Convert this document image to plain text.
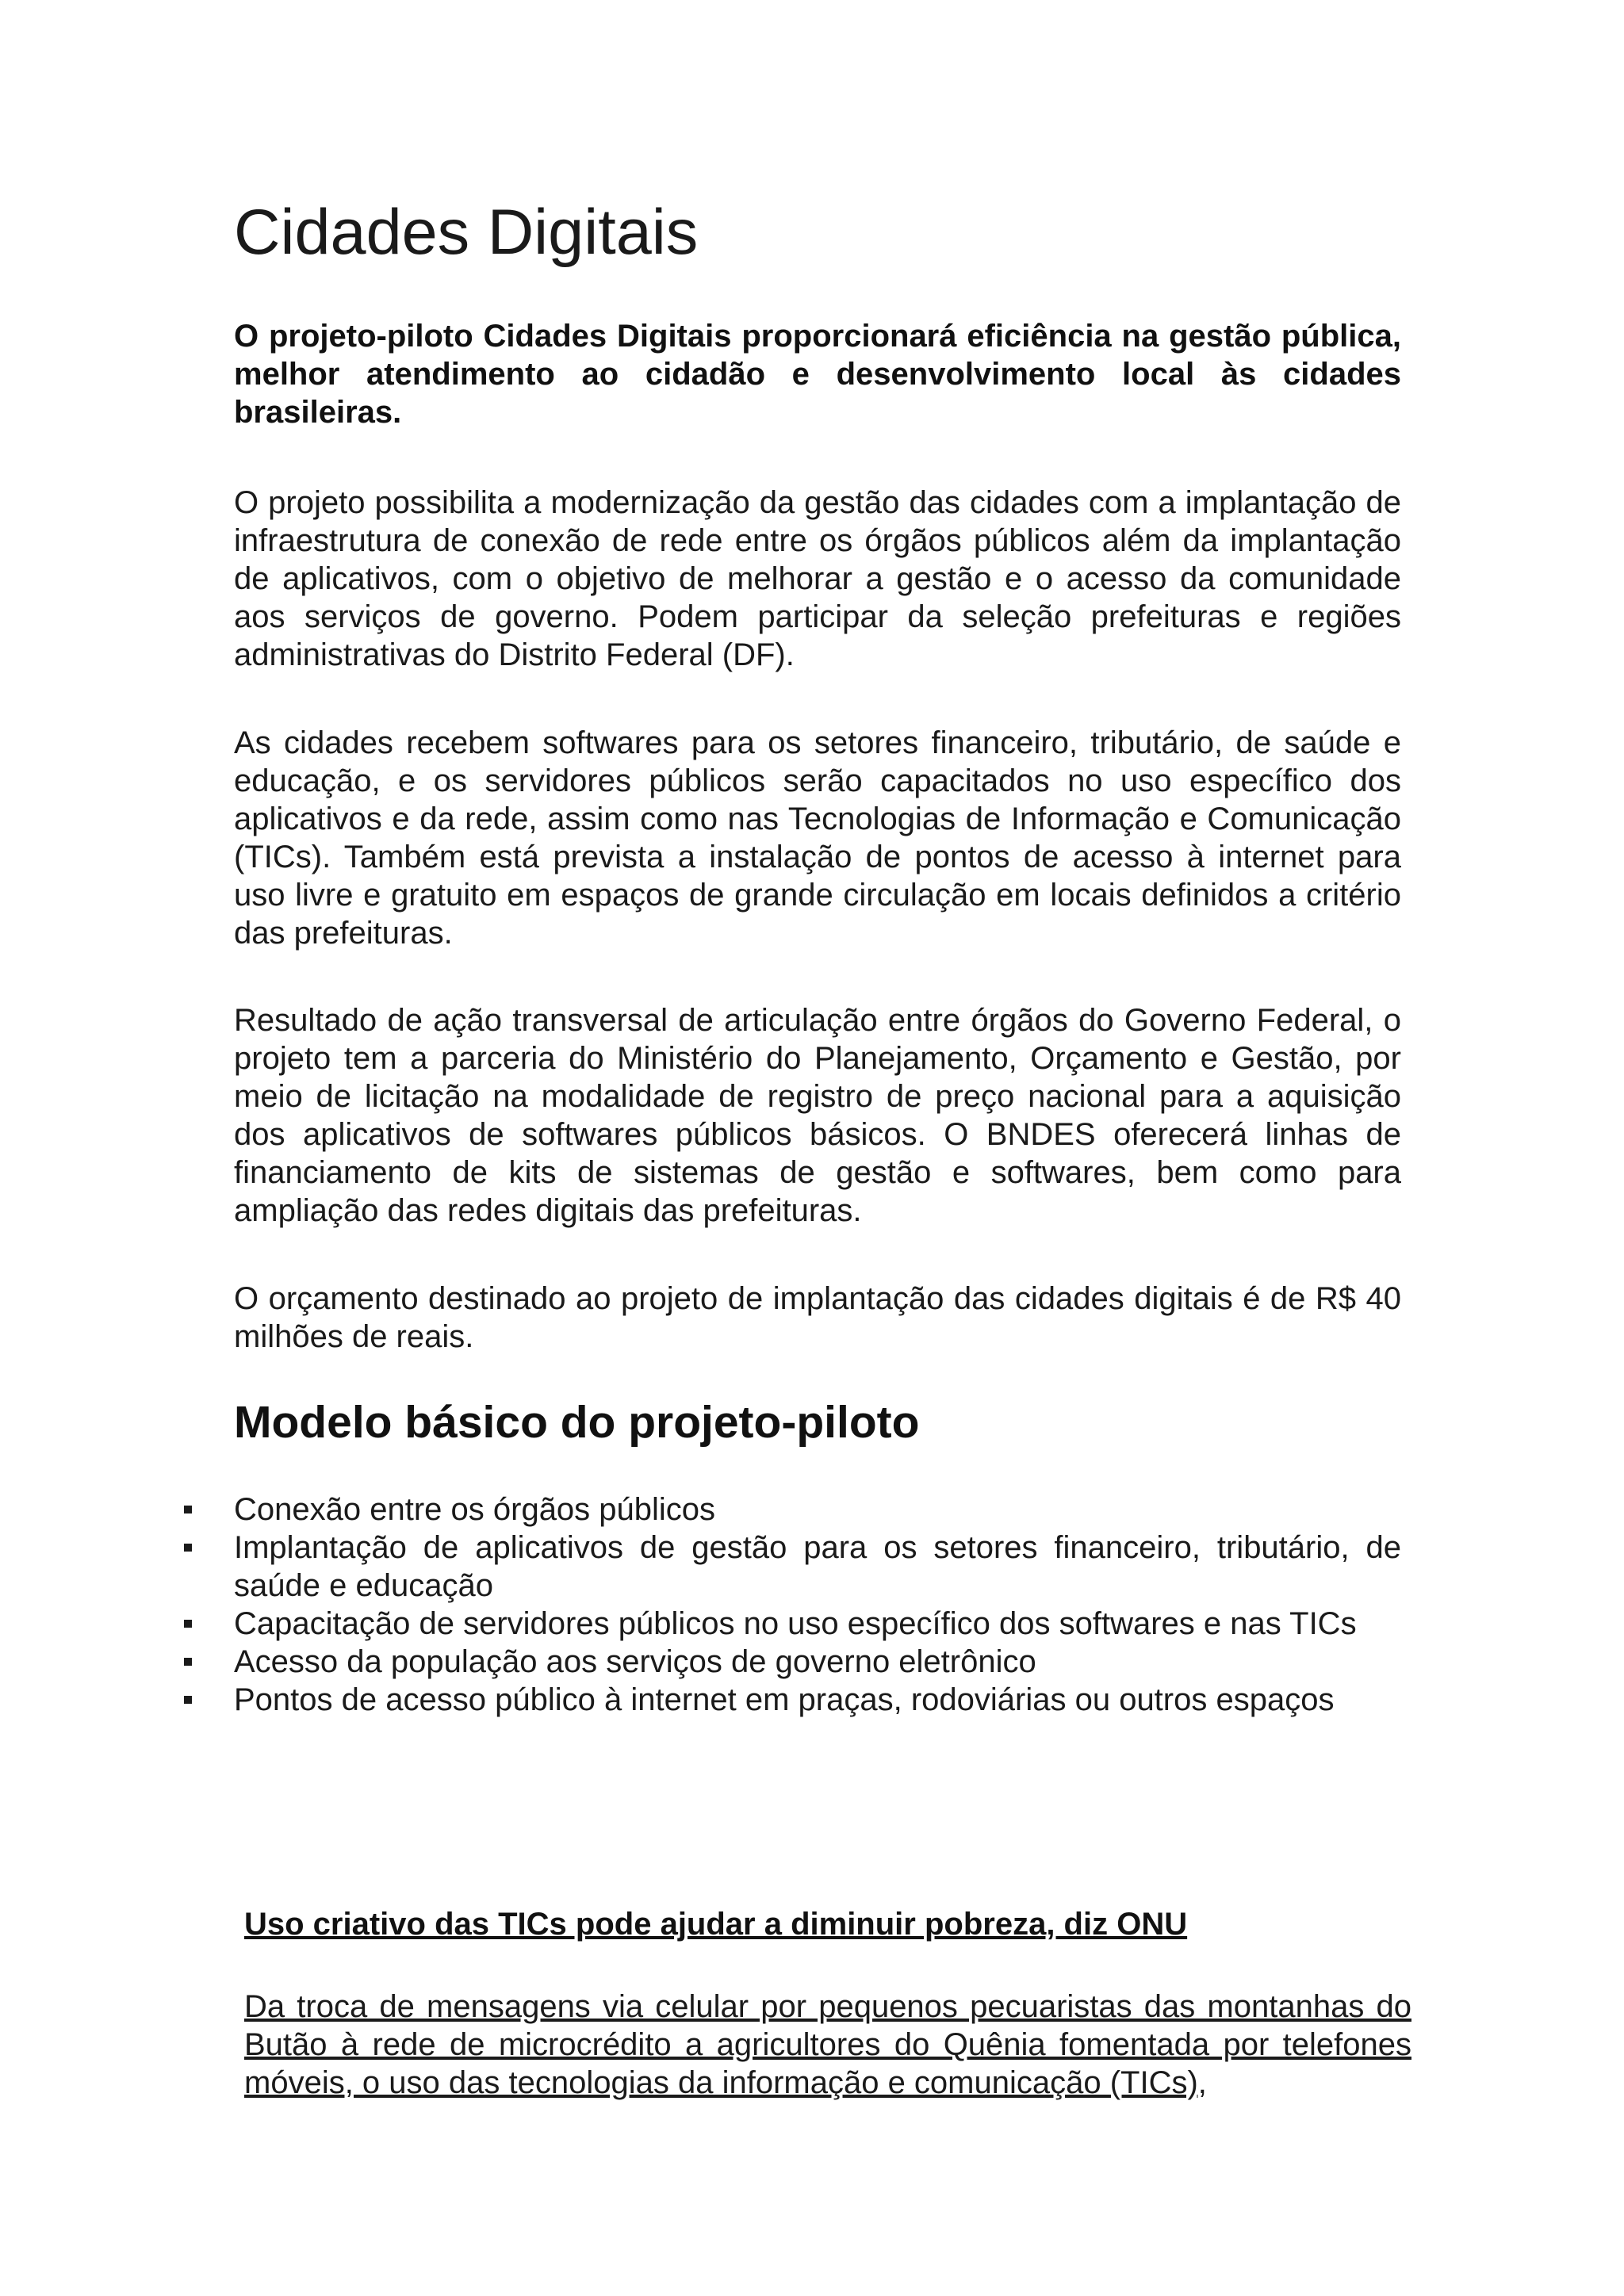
Cidades Digitais

O projeto-piloto Cidades Digitais proporcionará eficiência na gestão pública, melhor atendimento ao cidadão e desenvolvimento local às cidades brasileiras.

O projeto possibilita a modernização da gestão das cidades com a implantação de infraestrutura de conexão de rede entre os órgãos públicos além da implantação de aplicativos, com o objetivo de melhorar a gestão e o acesso da comunidade aos serviços de governo. Podem participar da seleção prefeituras e regiões administrativas do Distrito Federal (DF).

As cidades recebem softwares para os setores financeiro, tributário, de saúde e educação, e os servidores públicos serão capacitados no uso específico dos aplicativos e da rede, assim como nas Tecnologias de Informação e Comunicação (TICs). Também está prevista a instalação de pontos de acesso à internet para uso livre e gratuito em espaços de grande circulação em locais definidos a critério das prefeituras.

Resultado de ação transversal de articulação entre órgãos do Governo Federal, o projeto tem a parceria do Ministério do Planejamento, Orçamento e Gestão, por meio de licitação na modalidade de registro de preço nacional para a aquisição dos aplicativos de softwares públicos básicos. O BNDES oferecerá linhas de financiamento de kits de sistemas de gestão e softwares, bem como para ampliação das redes digitais das prefeituras.

O orçamento destinado ao projeto de implantação das cidades digitais é de R$ 40 milhões de reais.

Modelo básico do projeto-piloto
Conexão entre os órgãos públicos
Implantação de aplicativos de gestão para os setores financeiro, tributário, de saúde e educação
Capacitação de servidores públicos no uso específico dos softwares e nas TICs
Acesso da população aos serviços de governo eletrônico
Pontos de acesso público à internet em praças, rodoviárias ou outros espaços

Uso criativo das TICs pode ajudar a diminuir pobreza, diz ONU

Da troca de mensagens via celular por pequenos pecuaristas das montanhas do Butão à rede de microcrédito a agricultores do Quênia fomentada por telefones móveis, o uso das tecnologias da informação e comunicação (TICs),
